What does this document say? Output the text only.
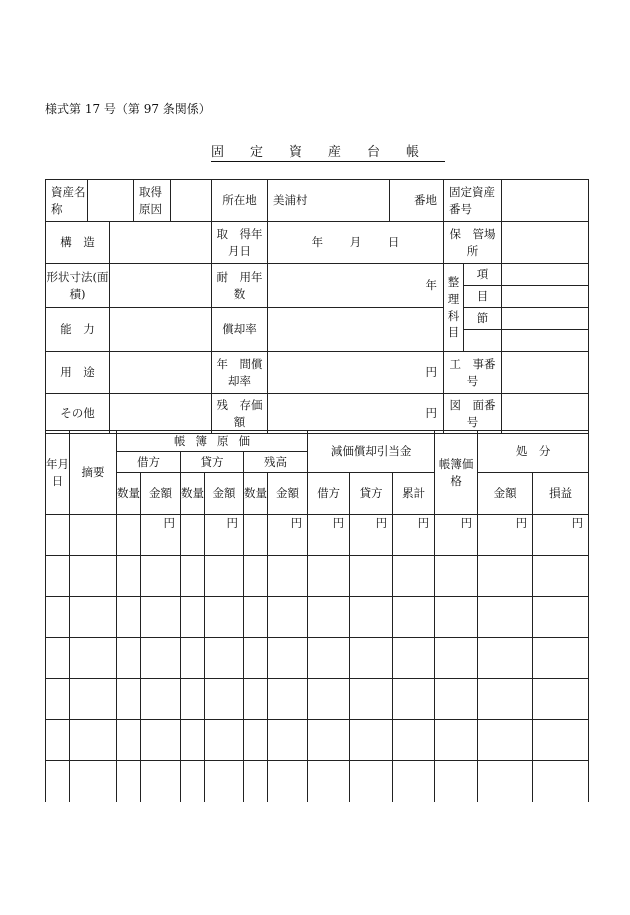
様式第 17 号（第 97 条関係）
固定資産台帳
資産名称			取得原因		所在地	美浦村	番地	固定資産番号		
構　造					取　得年月日	年　　 月　　 日		保　管場　所		
形状寸法(面積)					耐　用年　数	年		整理科目	項	
									目	
能　力					償却率				節	

用　途					年　間償却率	円		工　事番　号		
その他					残　存価　額	円		図　面番　号		
年月日	摘要	帳簿原価						減価償却引当金			帳簿価格	処　分	
		借方		貸方		残高							
		数量	金額	数量	金額	数量	金額	借方	貸方	累計		金額	損益
			円		円		円	円	円	円	円	円	円
